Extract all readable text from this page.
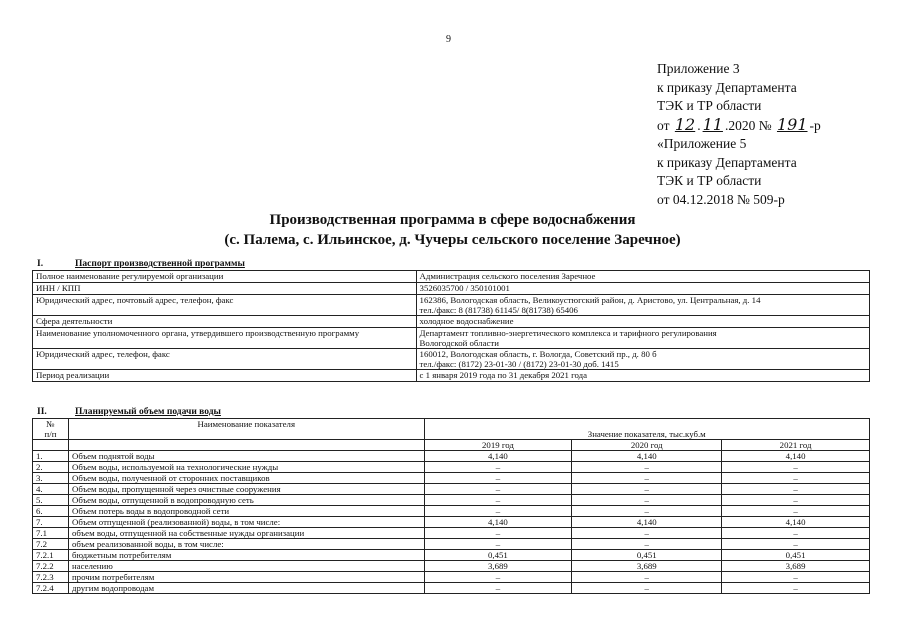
9
Приложение 3
к приказу Департамента
ТЭК и ТР области
от 12 . 11 .2020 № 191 -р
«Приложение 5
к приказу Департамента
ТЭК и ТР области
от 04.12.2018 № 509-р
Производственная программа в сфере водоснабжения
(с. Палема, с. Ильинское, д. Чучеры сельского поселение Заречное)
I.	Паспорт производственной программы
Полное наименование регулируемой организации	Администрация сельского поселения Заречное

ИНН / КПП	3526035700 / 350101001

Юридический адрес, почтовый адрес, телефон, факс	162386, Вологодская область, Великоустюгский район, д. Аристово, ул. Центральная, д. 14
тел./факс: 8 (81738) 61145/ 8(81738) 65406

Сфера деятельности	холодное водоснабжение

Наименование уполномоченного органа, утвердившего производственную программу	Департамент топливно-энергетического комплекса и тарифного регулирования
Вологодской области

Юридический адрес, телефон, факс	160012, Вологодская область, г. Вологда, Советский пр., д. 80 б
тел./факс: (8172) 23-01-30 / (8172) 23-01-30 доб. 1415

Период реализации	с 1 января 2019 года по 31 декабря 2021 года
II.	Планируемый объем подачи воды
№
п/п	Наименование показателя	Значение показателя, тыс.куб.м		

		2019 год	2020 год	2021 год
1.	Объем поднятой воды	4,140	4,140	4,140
2.	Объем воды, используемой на технологические нужды	–	–	–
3.	Объем воды, полученной от сторонних поставщиков	–	–	–
4.	Объем воды, пропущенной через очистные сооружения	–	–	–
5.	Объем воды, отпущенной в водопроводную сеть	–	–	–
6.	Объем потерь воды в водопроводной сети	–	–	–
7.	Объем отпущенной (реализованной) воды, в том числе:	4,140	4,140	4,140
7.1	объем воды, отпущенной на собственные нужды организации	–	–	–
7.2	объем реализованной воды, в том числе:	–	–	–
7.2.1	бюджетным потребителям	0,451	0,451	0,451
7.2.2	населению	3,689	3,689	3,689
7.2.3	прочим потребителям	–	–	–
7.2.4	другим водопроводам	–	–	–
